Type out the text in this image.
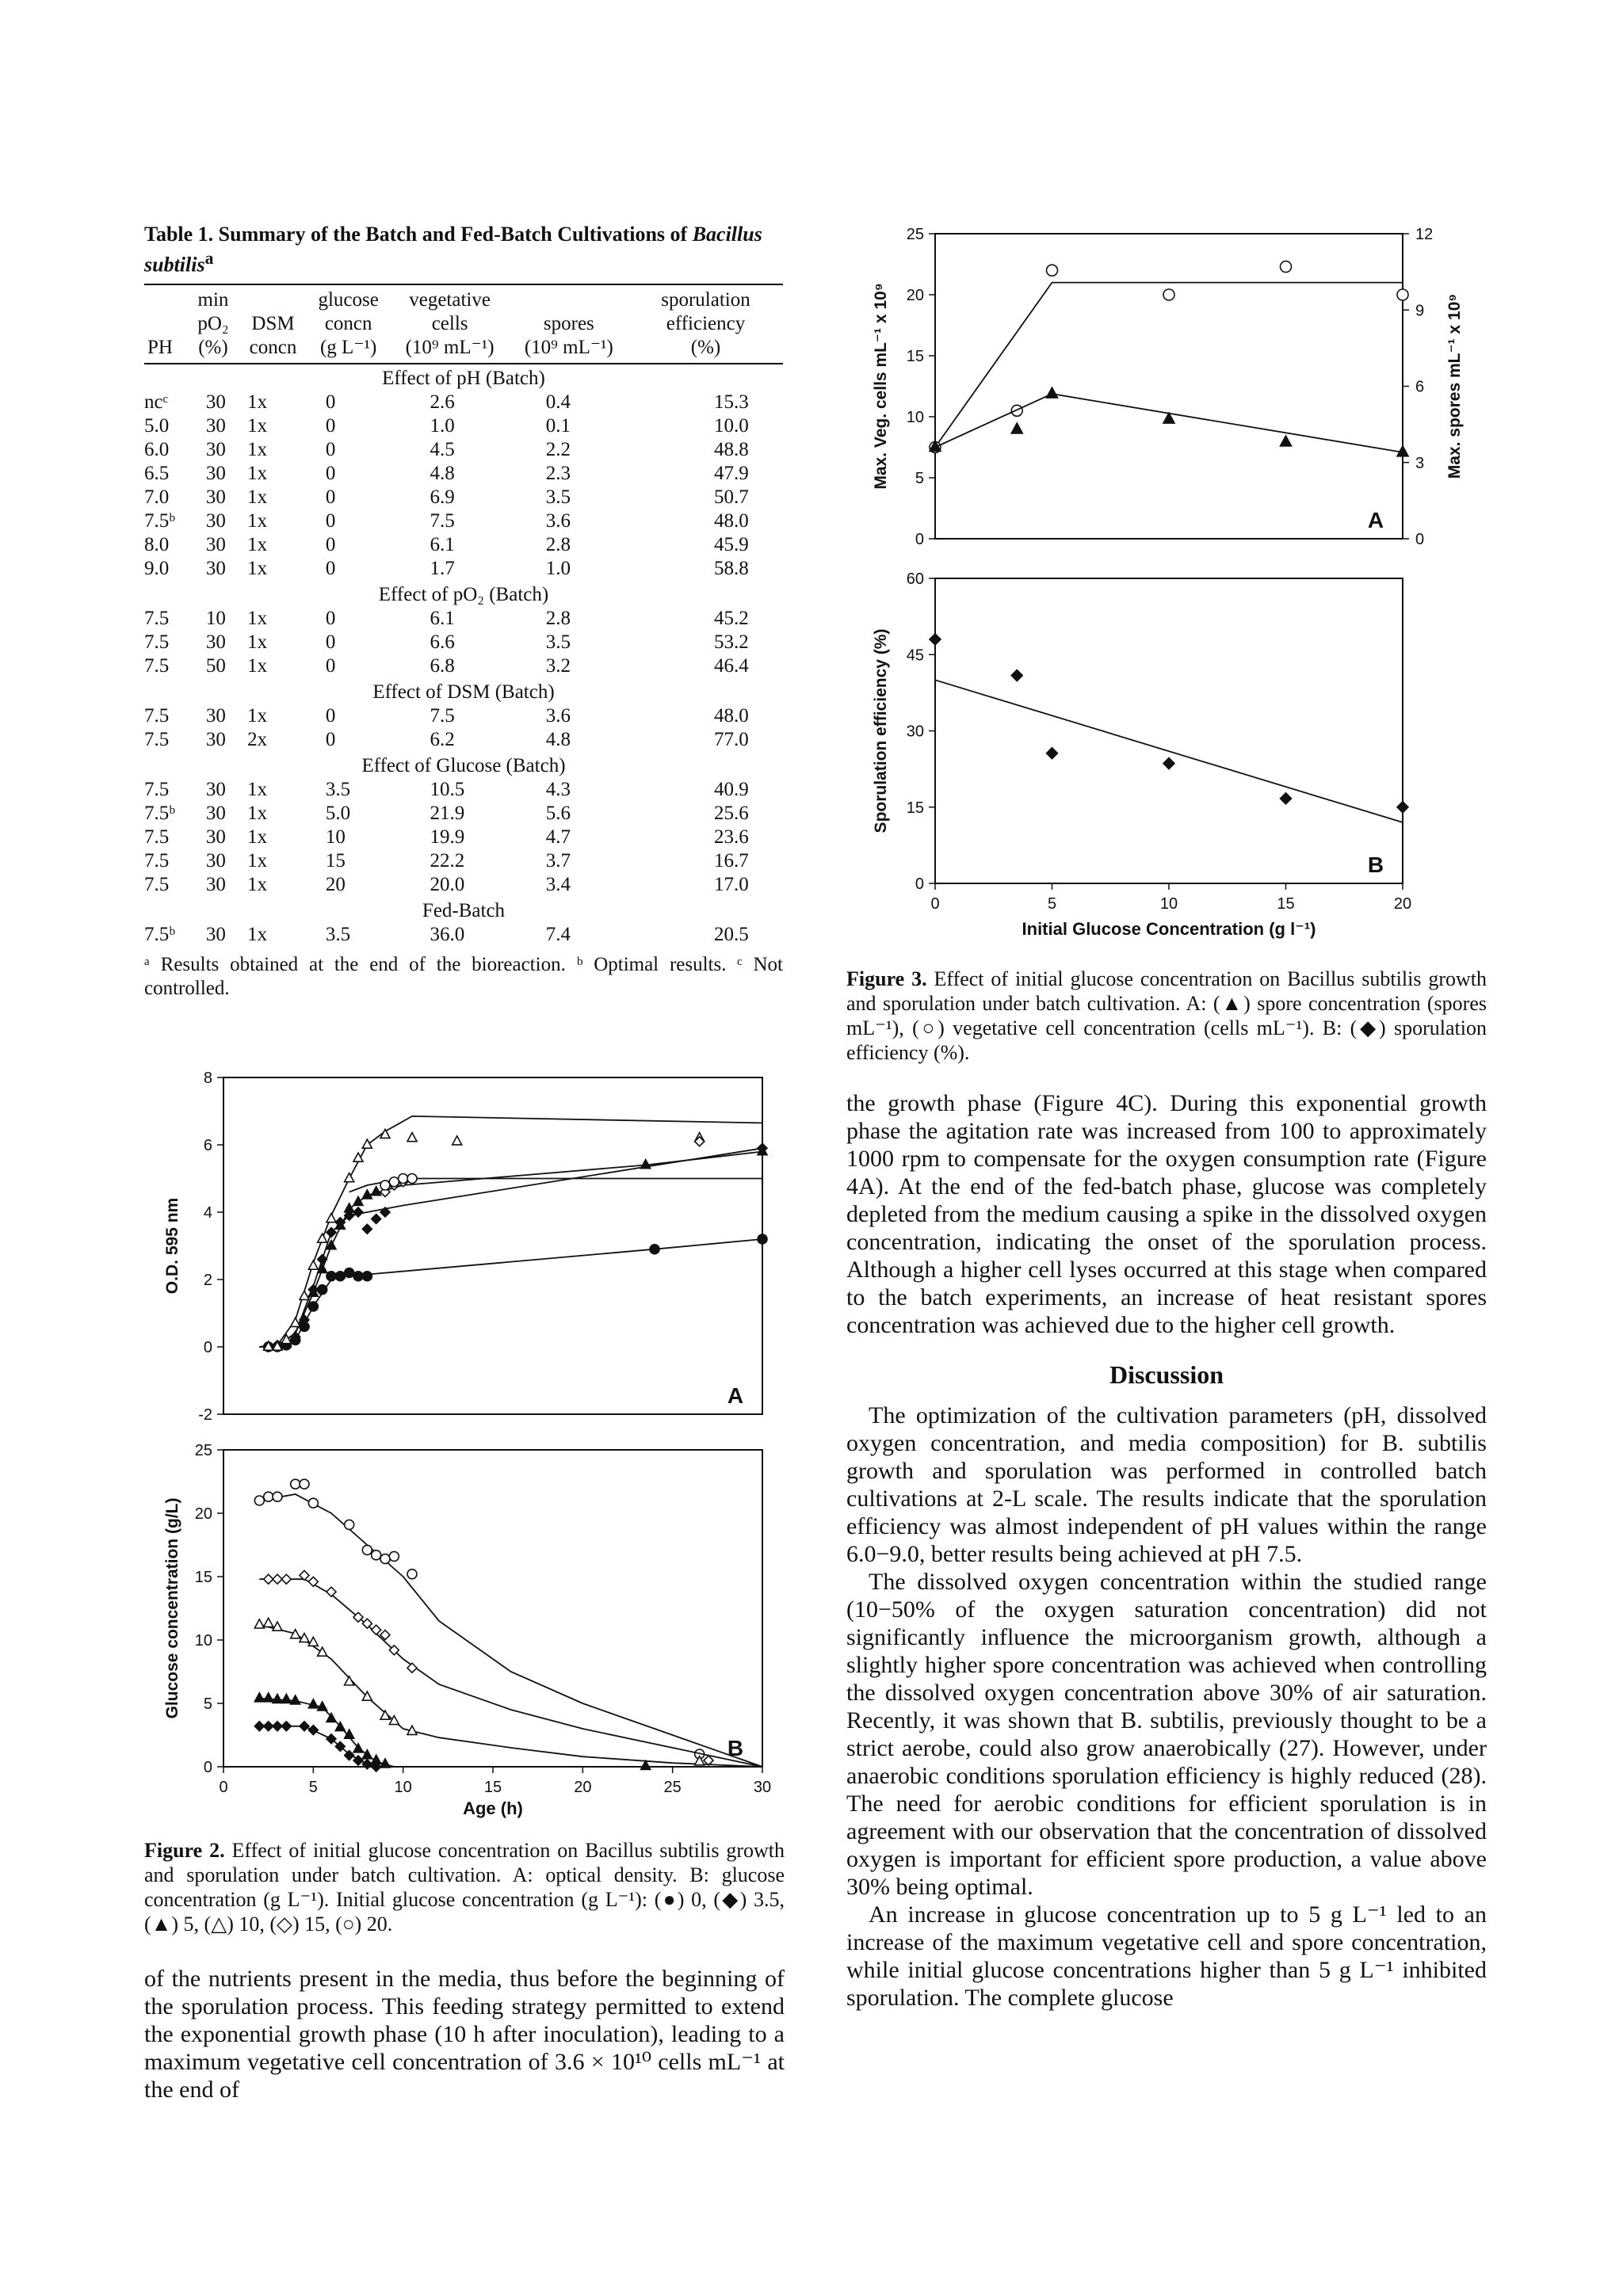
Table 1. Summary of the Batch and Fed-Batch Cultivations of Bacillus subtilis$^a$
	min		glucose	vegetative		sporulation
	pO₂	DSM	concn	cells	spores	efficiency
PH	(%)	concn	(g L⁻¹)	(10⁹ mL⁻¹)	(10⁹ mL⁻¹)	(%)
Effect of pH (Batch)						
ncᶜ	30	1x	0	2.6	0.4	15.3
5.0	30	1x	0	1.0	0.1	10.0
6.0	30	1x	0	4.5	2.2	48.8
6.5	30	1x	0	4.8	2.3	47.9
7.0	30	1x	0	6.9	3.5	50.7
7.5ᵇ	30	1x	0	7.5	3.6	48.0
8.0	30	1x	0	6.1	2.8	45.9
9.0	30	1x	0	1.7	1.0	58.8
Effect of pO₂ (Batch)						
7.5	10	1x	0	6.1	2.8	45.2
7.5	30	1x	0	6.6	3.5	53.2
7.5	50	1x	0	6.8	3.2	46.4
Effect of DSM (Batch)						
7.5	30	1x	0	7.5	3.6	48.0
7.5	30	2x	0	6.2	4.8	77.0
Effect of Glucose (Batch)						
7.5	30	1x	3.5	10.5	4.3	40.9
7.5ᵇ	30	1x	5.0	21.9	5.6	25.6
7.5	30	1x	10	19.9	4.7	23.6
7.5	30	1x	15	22.2	3.7	16.7
7.5	30	1x	20	20.0	3.4	17.0
Fed-Batch						
7.5ᵇ	30	1x	3.5	36.0	7.4	20.5
ᵃ Results obtained at the end of the bioreaction. ᵇ Optimal results. ᶜ Not controlled.
0
5
10
15
20
25
Max. Veg. cells mL⁻¹ x 10⁹
A
0
3
6
9
12
Max. spores mL⁻¹ x 10⁹
0
15
30
45
60
0	5	10	15	20
Sporulation efficiency (%)
B
Initial Glucose Concentration (g l⁻¹)
Figure 3. Effect of initial glucose concentration on Bacillus subtilis growth and sporulation under batch cultivation. A: (▲) spore concentration (spores mL⁻¹), (○) vegetative cell concentration (cells mL⁻¹). B: (◆) sporulation efficiency (%).
-2
0
2
4
6
8
O.D. 595 nm
A
0
5
10
15
20
25
0	5	10	15	20	25	30
Glucose concentration (g/L)
B
Age (h)
Figure 2. Effect of initial glucose concentration on Bacillus subtilis growth and sporulation under batch cultivation. A: optical density. B: glucose concentration (g L⁻¹). Initial glucose concentration (g L⁻¹): (●) 0, (◆) 3.5, (▲) 5, (△) 10, (◇) 15, (○) 20.

of the nutrients present in the media, thus before the beginning of the sporulation process. This feeding strategy permitted to extend the exponential growth phase (10 h after inoculation), leading to a maximum vegetative cell concentration of 3.6 × 10¹⁰ cells mL⁻¹ at the end of

the growth phase (Figure 4C). During this exponential growth phase the agitation rate was increased from 100 to approximately 1000 rpm to compensate for the oxygen consumption rate (Figure 4A). At the end of the fed-batch phase, glucose was completely depleted from the medium causing a spike in the dissolved oxygen concentration, indicating the onset of the sporulation process. Although a higher cell lyses occurred at this stage when compared to the batch experiments, an increase of heat resistant spores concentration was achieved due to the higher cell growth.

Discussion

The optimization of the cultivation parameters (pH, dissolved oxygen concentration, and media composition) for B. subtilis growth and sporulation was performed in controlled batch cultivations at 2-L scale. The results indicate that the sporulation efficiency was almost independent of pH values within the range 6.0−9.0, better results being achieved at pH 7.5.

The dissolved oxygen concentration within the studied range (10−50% of the oxygen saturation concentration) did not significantly influence the microorganism growth, although a slightly higher spore concentration was achieved when controlling the dissolved oxygen concentration above 30% of air saturation. Recently, it was shown that B. subtilis, previously thought to be a strict aerobe, could also grow anaerobically (27). However, under anaerobic conditions sporulation efficiency is highly reduced (28). The need for aerobic conditions for efficient sporulation is in agreement with our observation that the concentration of dissolved oxygen is important for efficient spore production, a value above 30% being optimal.

An increase in glucose concentration up to 5 g L⁻¹ led to an increase of the maximum vegetative cell and spore concentration, while initial glucose concentrations higher than 5 g L⁻¹ inhibited sporulation. The complete glucose
